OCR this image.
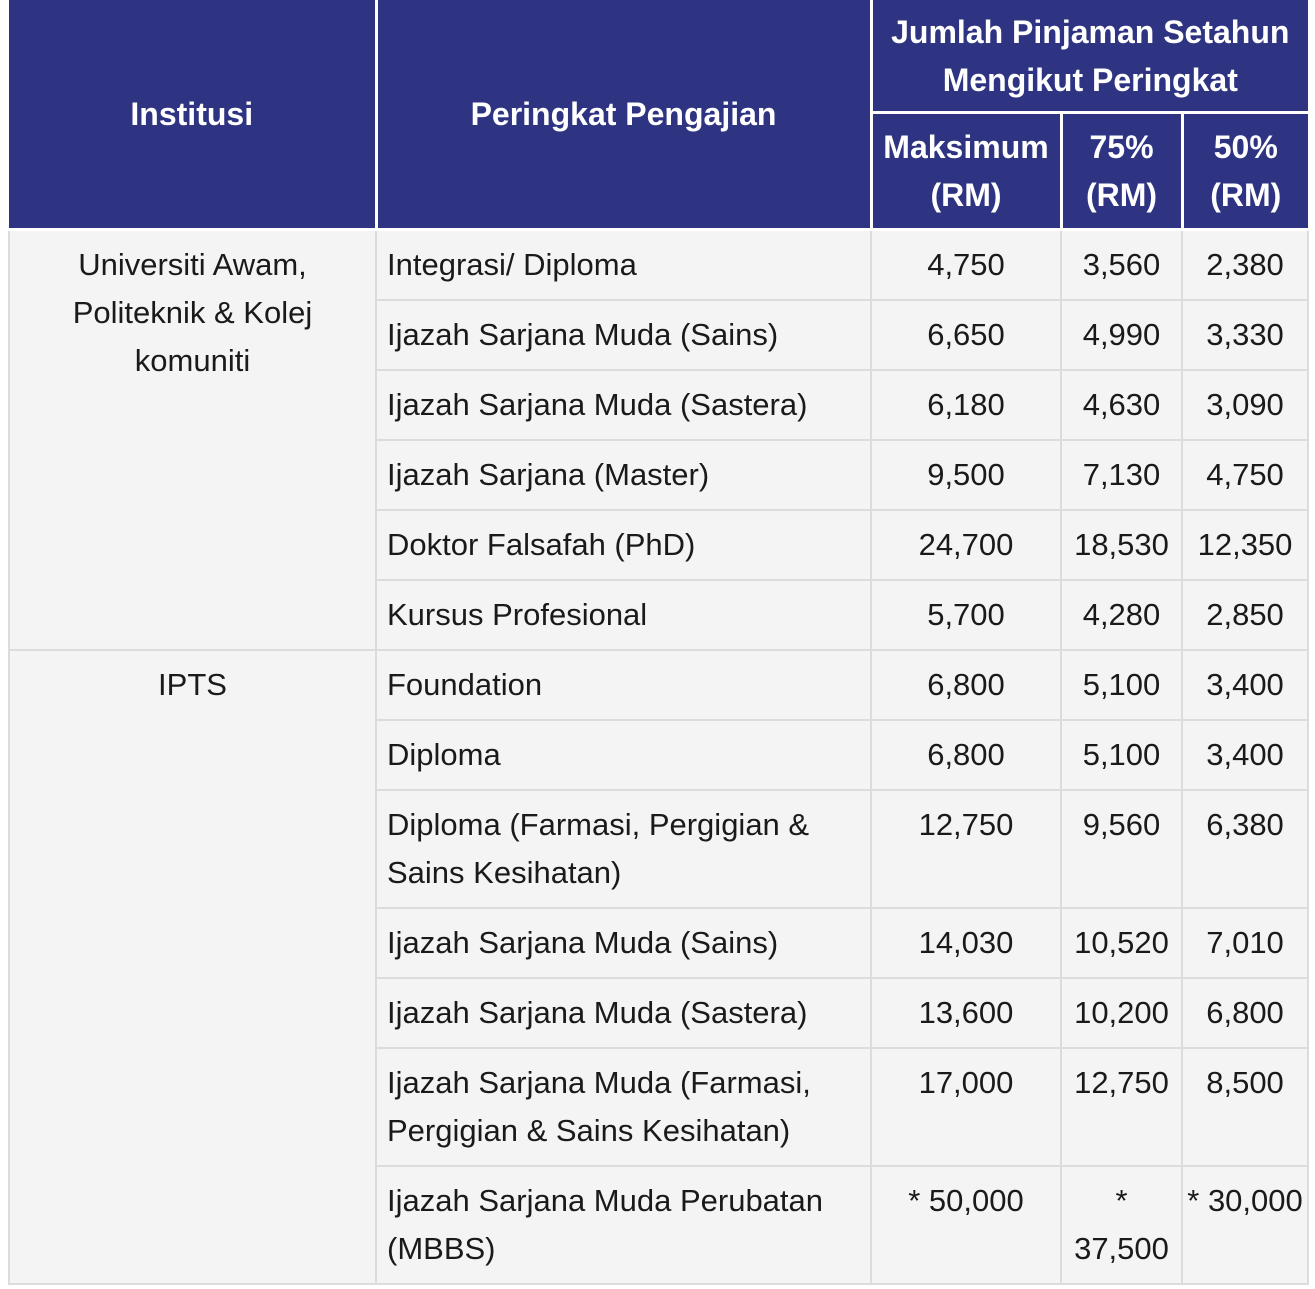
Institusi	Peringkat Pengajian	Jumlah Pinjaman Setahun Mengikut Peringkat		
		Maksimum (RM)	75% (RM)	50% (RM)
Universiti Awam, Politeknik & Kolej komuniti	Integrasi/ Diploma	4,750	3,560	2,380
	Ijazah Sarjana Muda (Sains)	6,650	4,990	3,330
	Ijazah Sarjana Muda (Sastera)	6,180	4,630	3,090
	Ijazah Sarjana (Master)	9,500	7,130	4,750
	Doktor Falsafah (PhD)	24,700	18,530	12,350
	Kursus Profesional	5,700	4,280	2,850
IPTS	Foundation	6,800	5,100	3,400
	Diploma	6,800	5,100	3,400
	Diploma (Farmasi, Pergigian & Sains Kesihatan)	12,750	9,560	6,380
	Ijazah Sarjana Muda (Sains)	14,030	10,520	7,010
	Ijazah Sarjana Muda (Sastera)	13,600	10,200	6,800
	Ijazah Sarjana Muda (Farmasi, Pergigian & Sains Kesihatan)	17,000	12,750	8,500
	Ijazah Sarjana Muda Perubatan (MBBS)	* 50,000	* 37,500	* 30,000
